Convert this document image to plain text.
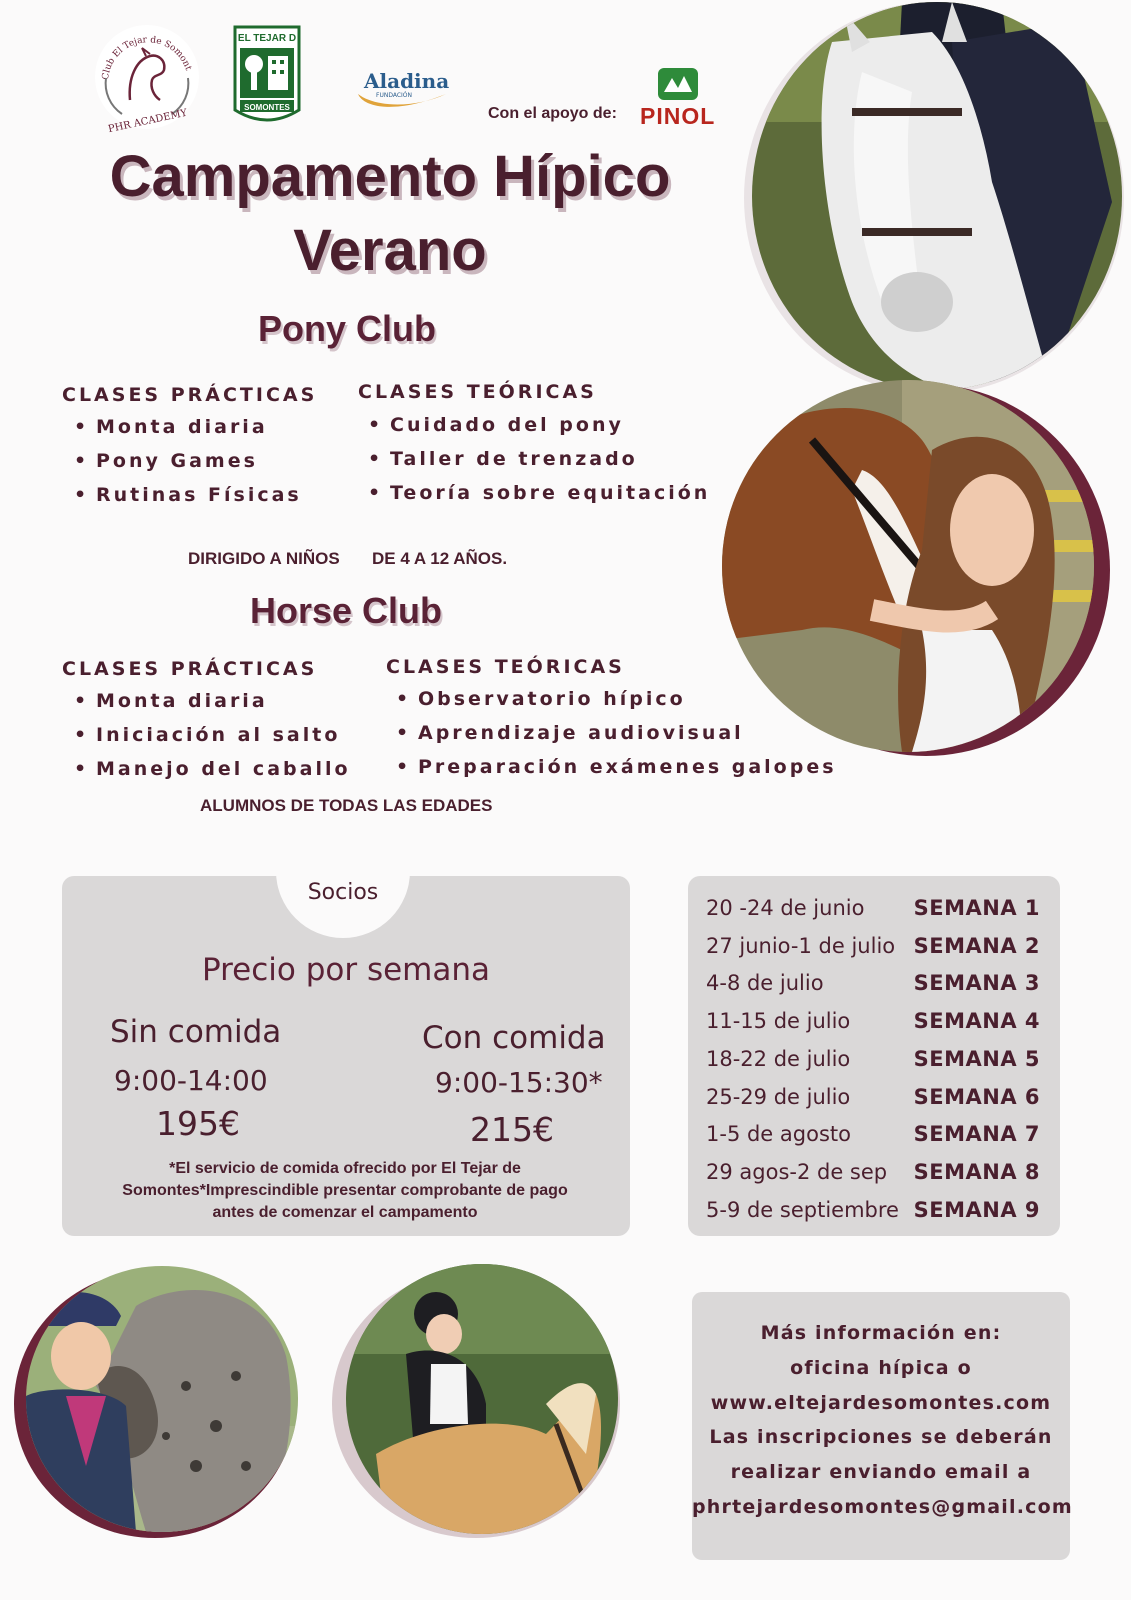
Club El Tejar de Somont
PHR ACADEMY
EL TEJAR D
SOMONTES
Aladina
FUNDACIÓN
Con el apoyo de: PINOL
Campamento Hípico
Verano
Pony Club
CLASES PRÁCTICAS
• Monta diaria
• Pony Games
• Rutinas Físicas
CLASES TEÓRICAS
• Cuidado del pony
• Taller de trenzado
• Teoría sobre equitación
DIRIGIDO A NIÑOS DE 4 A 12 AÑOS.
Horse Club
CLASES PRÁCTICAS
• Monta diaria
• Iniciación al salto
• Manejo del caballo
CLASES TEÓRICAS
• Observatorio hípico
• Aprendizaje audiovisual
• Preparación exámenes galopes
ALUMNOS DE TODAS LAS EDADES
Socios
Precio por semana
Sin comida
9:00-14:00
195€
Con comida
9:00-15:30*
215€
*El servicio de comida ofrecido por El Tejar de
Somontes*Imprescindible presentar comprobante de pago
antes de comenzar el campamento
20 -24 de junio SEMANA 1
27 junio-1 de julio SEMANA 2
4-8 de julio	SEMANA 3
11-15 de julio	SEMANA 4
18-22 de julio	SEMANA 5
25-29 de julio	SEMANA 6
1-5 de agosto	SEMANA 7
29 agos-2 de sep SEMANA 8
5-9 de septiembre SEMANA 9
Más información en:
oficina hípica o
www.eltejardesomontes.com
Las inscripciones se deberán
realizar enviando email a
phrtejardesomontes@gmail.com
